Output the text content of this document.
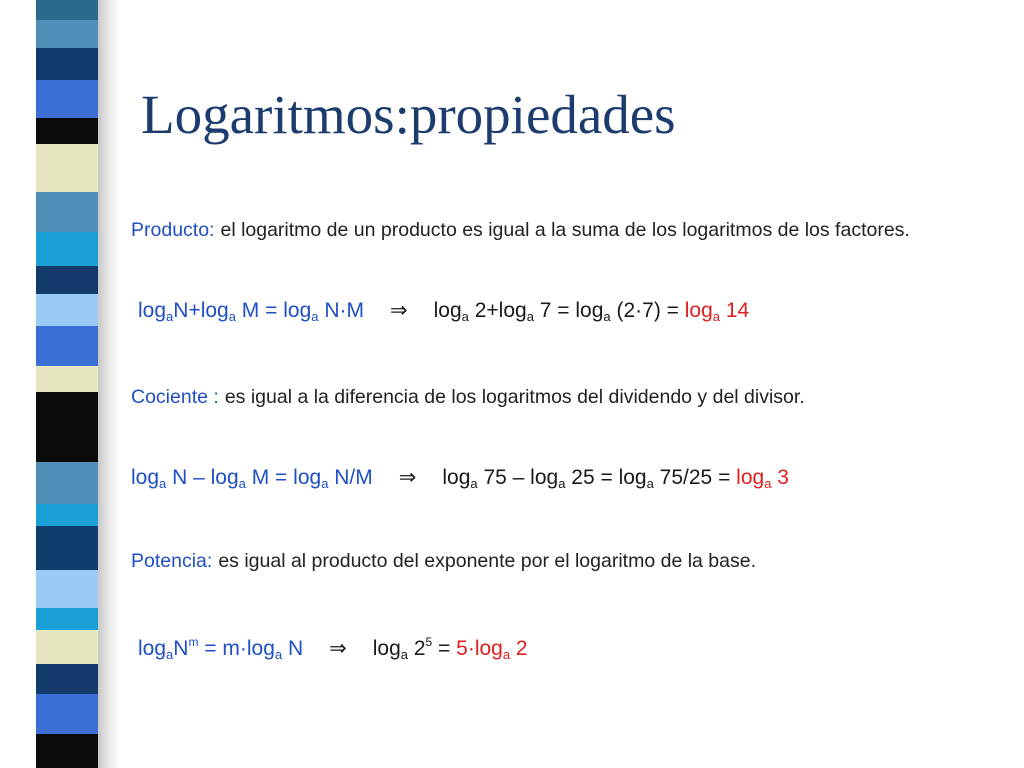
Logaritmos:propiedades
Producto: el logaritmo de un producto es igual a la suma de los logaritmos de los factores.
$\log_aN+\log_a$ $M = \log_a N\cdot M$ ⇒ $\log_a 2+\log_a$ $7 = \log_a (2\cdot 7) = \log_a 14$
Cociente : es igual a la diferencia de los logaritmos del dividendo y del divisor.
$\log_a N - \log_a M = \log_a N/M$ ⇒ $\log_a 75 - \log_a 25 = \log_a 75/25 = \log_a 3$
Potencia: es igual al producto del exponente por el logaritmo de la base.
$\log_aN^m = m\cdot\log_a$ N ⇒ $\log_a 2^5 = 5\cdot\log_a$ 2
